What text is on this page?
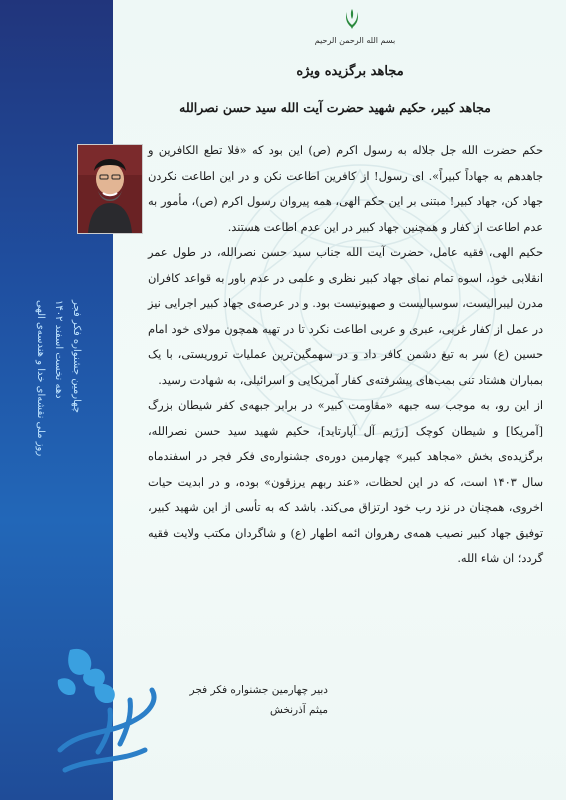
چهارمین جشنواره فکر فجر
دهه نخست اسفند ۱۴۰۲
روز ملی نقشه‌ای خدا و هندسه‌ی الهی
بسم الله الرحمن الرحیم
مجاهد برگزیده ویژه
مجاهد کبیر، حکیم شهید حضرت آیت الله سید حسن نصرالله

حکم حضرت الله جل جلاله به رسول اکرم (ص) این بود که «فلا تطع الکافرین و جاهدهم به جهاداً کبیراً». ای رسول! از کافرین اطاعت نکن و در این اطاعت نکردن جهاد کن، جهاد کبیر! مبتنی بر این حکم الهی، همه پیروان رسول اکرم (ص)، مأمور به عدم اطاعت از کفار و همچنین جهاد کبیر در این عدم اطاعت هستند.

حکیم الهی، فقیه عامل، حضرت آیت الله جناب سید حسن نصرالله، در طول عمر انقلابی خود، اسوه تمام نمای جهاد کبیر نظری و علمی در عدم باور به قواعد کافران مدرن لیبرالیست، سوسیالیست و صهیونیست بود. و در عرصه‌ی جهاد کبیر اجرایی نیز در عمل از کفار غربی، عبری و عربی اطاعت نکرد تا در تهیه همچون مولای خود امام حسین (ع) سر به تیغ دشمن کافر داد و در سهمگین‌ترین عملیات تروریستی، با یک بمباران هشتاد تنی بمب‌های پیشرفته‌ی کفار آمریکایی و اسرائیلی، به شهادت رسید.

از این رو، به موجب سه جبهه «مقاومت کبیر» در برابر جبهه‌ی کفر شیطان بزرگ [آمریکا] و شیطان کوچک [رژیم آل آپارتاید]، حکیم شهید سید حسن نصرالله، برگزیده‌ی بخش «مجاهد کبیر» چهارمین دوره‌ی جشنواره‌ی فکر فجر در اسفندماه سال ۱۴۰۳ است، که در این لحظات، «عند ربهم یرزقون» بوده، و در ابدیت حیات اخروی، همچنان در نزد رب خود ارتزاق می‌کند. باشد که به تأسی از این شهید کبیر، توفیق جهاد کبیر نصیب همه‌ی رهروان ائمه اطهار (ع) و شاگردان مکتب ولایت فقیه گردد؛ ان شاء الله.

دبیر چهارمین جشنواره فکر فجر
میثم آذرنخش
